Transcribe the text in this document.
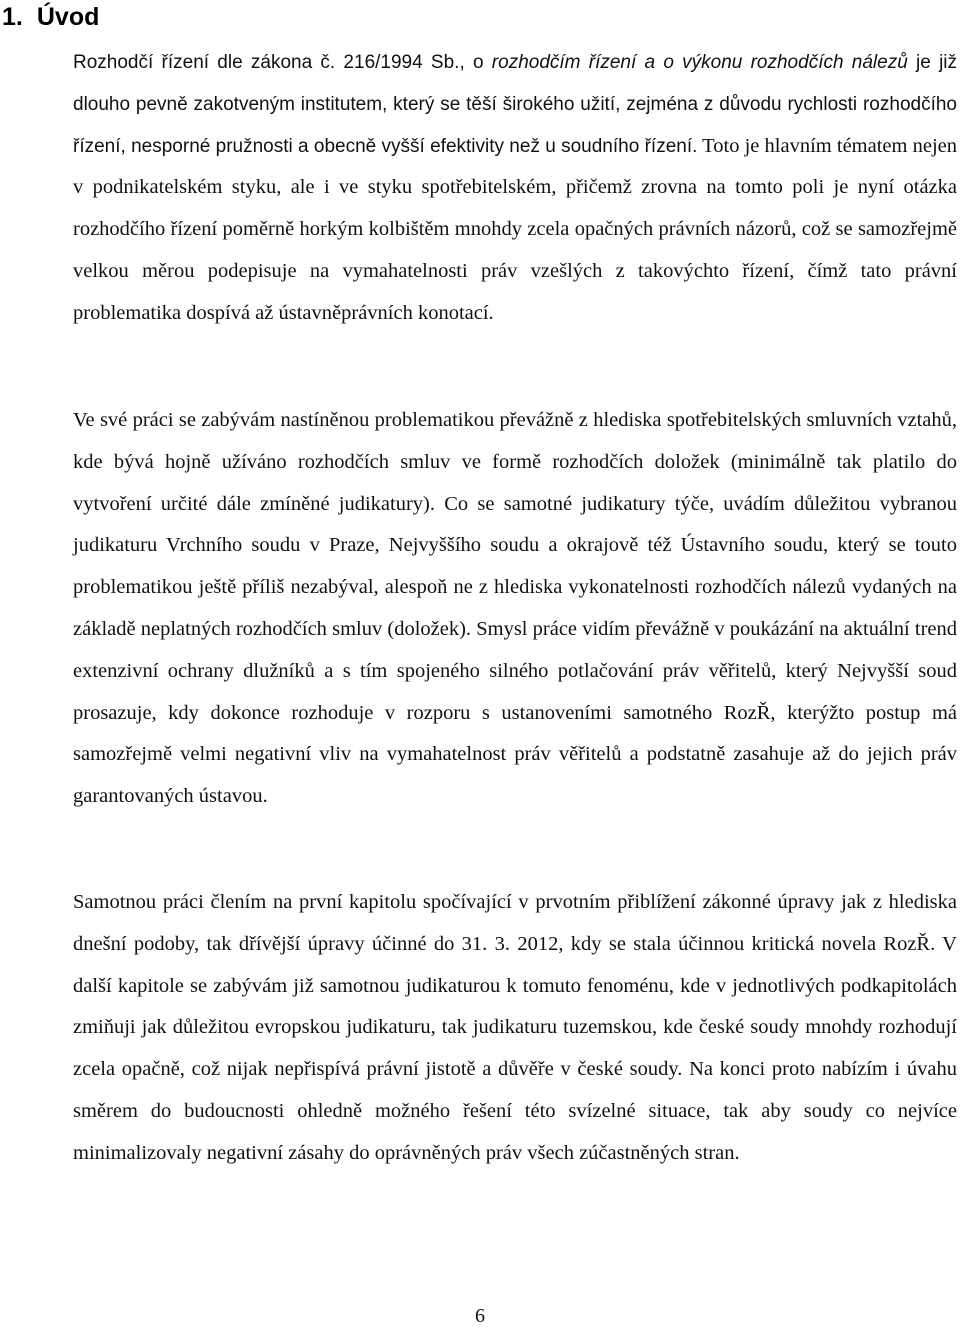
1. Úvod

Rozhodčí řízení dle zákona č. 216/1994 Sb., o rozhodčím řízení a o výkonu rozhodčích nálezů je již dlouho pevně zakotveným institutem, který se těší širokého užití, zejména z důvodu rychlosti rozhodčího řízení, nesporné pružnosti a obecně vyšší efektivity než u soudního řízení. Toto je hlavním tématem nejen v podnikatelském styku, ale i ve styku spotřebitelském, přičemž zrovna na tomto poli je nyní otázka rozhodčího řízení poměrně horkým kolbištěm mnohdy zcela opačných právních názorů, což se samozřejmě velkou měrou podepisuje na vymahatelnosti práv vzešlých z takovýchto řízení, čímž tato právní problematika dospívá až ústavněprávních konotací.

Ve své práci se zabývám nastíněnou problematikou převážně z hlediska spotřebitelských smluvních vztahů, kde bývá hojně užíváno rozhodčích smluv ve formě rozhodčích doložek (minimálně tak platilo do vytvoření určité dále zmíněné judikatury). Co se samotné judikatury týče, uvádím důležitou vybranou judikaturu Vrchního soudu v Praze, Nejvyššího soudu a okrajově též Ústavního soudu, který se touto problematikou ještě příliš nezabýval, alespoň ne z hlediska vykonatelnosti rozhodčích nálezů vydaných na základě neplatných rozhodčích smluv (doložek). Smysl práce vidím převážně v poukázání na aktuální trend extenzivní ochrany dlužníků a s tím spojeného silného potlačování práv věřitelů, který Nejvyšší soud prosazuje, kdy dokonce rozhoduje v rozporu s ustanoveními samotného RozŘ, kterýžto postup má samozřejmě velmi negativní vliv na vymahatelnost práv věřitelů a podstatně zasahuje až do jejich práv garantovaných ústavou.

Samotnou práci člením na první kapitolu spočívající v prvotním přiblížení zákonné úpravy jak z hlediska dnešní podoby, tak dřívější úpravy účinné do 31. 3. 2012, kdy se stala účinnou kritická novela RozŘ. V další kapitole se zabývám již samotnou judikaturou k tomuto fenoménu, kde v jednotlivých podkapitolách zmiňuji jak důležitou evropskou judikaturu, tak judikaturu tuzemskou, kde české soudy mnohdy rozhodují zcela opačně, což nijak nepřispívá právní jistotě a důvěře v české soudy. Na konci proto nabízím i úvahu směrem do budoucnosti ohledně možného řešení této svízelné situace, tak aby soudy co nejvíce minimalizovaly negativní zásahy do oprávněných práv všech zúčastněných stran.

6
